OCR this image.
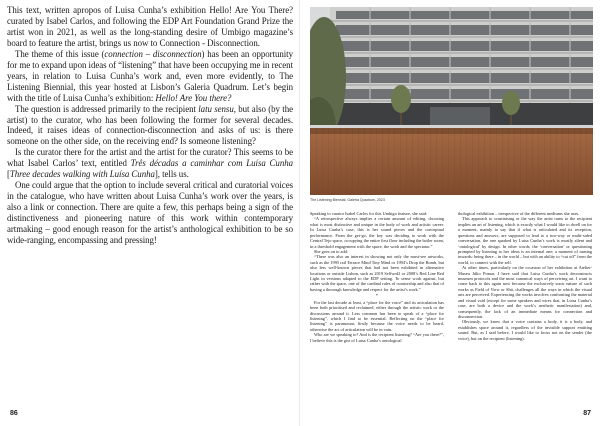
This text, written apropos of Luisa Cunha’s exhibition Hello! Are You There? curated by Isabel Carlos, and following the EDP Art Foundation Grand Prize the artist won in 2021, as well as the long-standing desire of Umbigo magazine’s board to feature the artist, brings us now to Connection - Disconnection.

The theme of this issue (connection – disconnection) has been an opportunity for me to expand upon ideas of “listening” that have been occupying me in recent years, in relation to Luisa Cunha’s work and, even more evidently, to The Listening Biennial, this year hosted at Lisbon’s Galeria Quadrum. Let’s begin with the title of Luisa Cunha’s exhibition: Hello! Are You there?

The question is addressed primarily to the recipient latu sensu, but also (by the artist) to the curator, who has been following the former for several decades. Indeed, it raises ideas of connection-disconnection and asks of us: is there someone on the other side, on the receiving end? Is someone listening?

Is the curator there for the artist and the artist for the curator? This seems to be what Isabel Carlos’ text, entitled Três décadas a caminhar com Luísa Cunha [Three decades walking with Luísa Cunha], tells us.

One could argue that the option to include several critical and curatorial voices in the catalogue, who have written about Luisa Cunha’s work over the years, is also a link or connection. There are quite a few, this perhaps being a sign of the distinctiveness and pioneering nature of this work within contemporary artmaking – good enough reason for the artist’s anthological exhibition to be so wide-ranging, encompassing and pressing!

86
The Listening Biennial, Galeria Quadrum, 2023

Speaking to curator Isabel Carlos for this Umbigo feature, she said:

“A retrospective always implies a certain amount of editing, choosing what is most distinctive and unique in the body of work and artistic career. In Luisa Cunha’s case, this is her sound pieces and the conceptual performance. From the get-go, the key was deciding to work with the Central Tejo space, occupying the entire first floor including the boiler room, in a threshold engagement with the space, the work and the spectator.”

She goes on to add:

“There was also an interest in showing not only the must-see artworks, such as the 1995 rail Terrace Mind Tiny Mind or 1994’s Drop the Bomb, but also less well-known pieces that had not been exhibited in alternative locations or outside Lisbon, such as 2019 Selfwrd2 or 2008’s Red Line Red Light in versions adapted to the EDP setting. To sense work against, but rather with the space, one of the cardinal rules of curatorship and also that of having a thorough knowledge and respect for the artist’s work.”

*

For the last decade at least, a “place for the voice” and its articulation has been both prioritised and reclaimed, either through the artistic work or the discussions around it. Less common has been to speak of a “place for listening”, which I find to be essential. Reflecting on the “place for listening” is paramount, firstly because the voice needs to be heard, otherwise the act of articulation will be in vain.

Who are we speaking to? And is the recipient listening? “Are you there?”, I believe this is the gist of Luisa Cunha’s ontological

thological exhibition – irrespective of the different mediums she uses.

This approach to scrutinising or the way the artist turns to the recipient implies an art of listening, which is exactly what I would like to dwell on for a moment, mainly to say that if what is articulated and its reception, questions and answers, are supposed to lead to a two-way or multi-sided conversation, the one sparked by Luisa Cunha’s work is mostly silent and ‘ontological’ by design. In other words, the ‘conversation’ or questioning prompted by listening to her ideas is an internal one; a moment of turning inwards: being there – in the world – but with an ability to “cut off” from the world, to connect with the self.

At other times, particularly on the occasion of her exhibition at Atelier-Museu Júlio Pomar, I have said that Luisa Cunha’s work deconstructs museum protocols and the most canonical ways of perceiving art. I want to come back to this again now because the exclusively sonic nature of such works as Field of View or Shú, challenges all the ways in which the visual arts are perceived. Experiencing the works involves confronting the material and visual void (except for some speakers and wires that, in Luisa Cunha’s case, are both a device and the work’s aesthetic manifestation) and, consequently, the lack of an immediate means for connection and disconnection.

Obviously, we know that a voice contains a body, it is a body, and establishes space around it, regardless of the invisible support emitting sound. But, as I said before, I would like to focus not on the sender (the voice), but on the recipient (listening).

87
